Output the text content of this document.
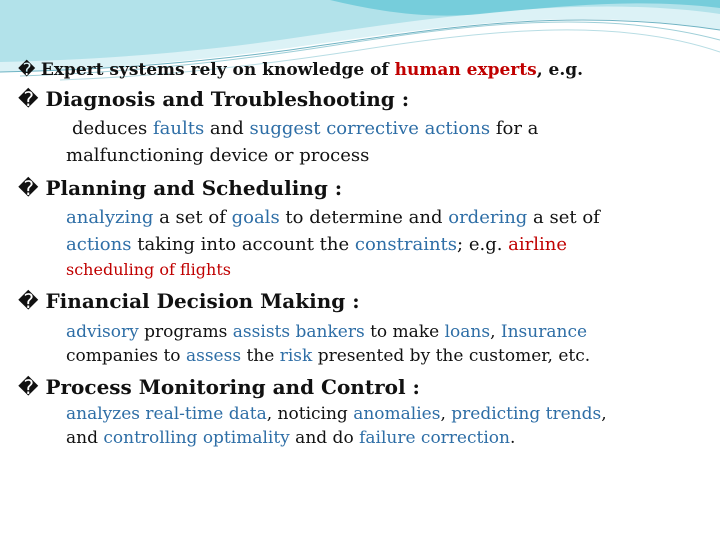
� Expert systems rely on knowledge of human experts, e.g.
� Diagnosis and Troubleshooting :
deduces faults and suggest corrective actions for a
malfunctioning device or process
� Planning and Scheduling :
analyzing a set of goals to determine and ordering a set of
actions taking into account the constraints; e.g. airline
scheduling of flights
� Financial Decision Making :
advisory programs assists bankers to make loans, Insurance
companies to assess the risk presented by the customer, etc.
� Process Monitoring and Control :
analyzes real-time data, noticing anomalies, predicting trends,
and controlling optimality and do failure correction.
